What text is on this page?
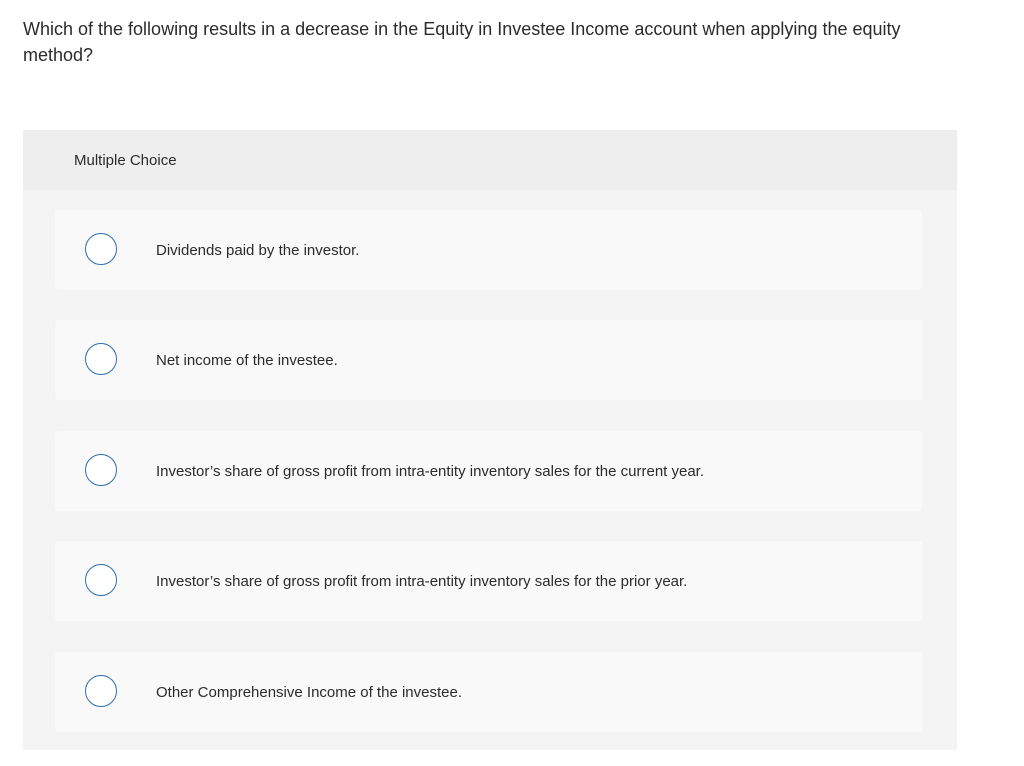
Which of the following results in a decrease in the Equity in Investee Income account when applying the equity method?

Multiple Choice
Dividends paid by the investor.
Net income of the investee.
Investor’s share of gross profit from intra-entity inventory sales for the current year.
Investor’s share of gross profit from intra-entity inventory sales for the prior year.
Other Comprehensive Income of the investee.
